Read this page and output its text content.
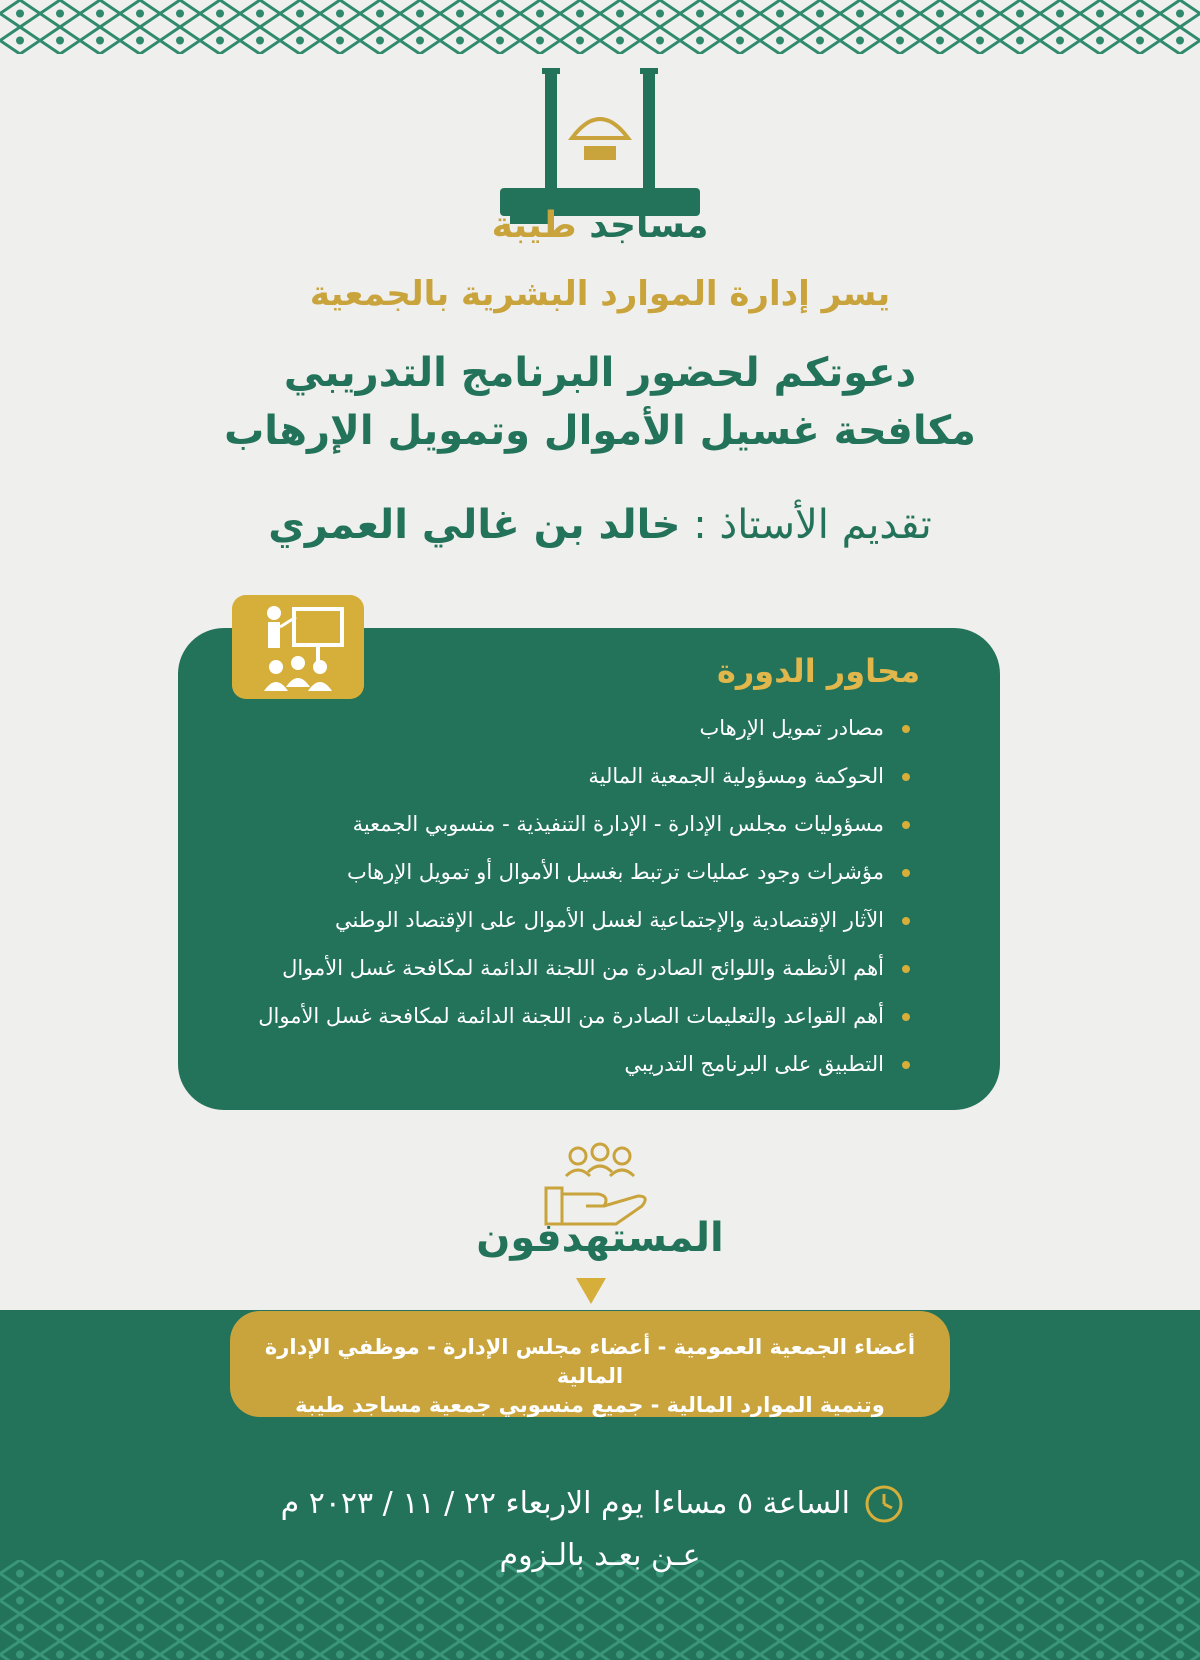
مساجد طيبة
يسر إدارة الموارد البشرية بالجمعية
دعوتكم لحضور البرنامج التدريبي
مكافحة غسيل الأموال وتمويل الإرهاب
تقديم الأستاذ : خالد بن غالي العمري
محاور الدورة
مصادر تمويل الإرهاب
الحوكمة ومسؤولية الجمعية المالية
مسؤوليات مجلس الإدارة - الإدارة التنفيذية - منسوبي الجمعية
مؤشرات وجود عمليات ترتبط بغسيل الأموال أو تمويل الإرهاب
الآثار الإقتصادية والإجتماعية لغسل الأموال على الإقتصاد الوطني
أهم الأنظمة واللوائح الصادرة من اللجنة الدائمة لمكافحة غسل الأموال
أهم القواعد والتعليمات الصادرة من اللجنة الدائمة لمكافحة غسل الأموال
التطبيق على البرنامج التدريبي
المستهدفون
أعضاء الجمعية العمومية - أعضاء مجلس الإدارة - موظفي الإدارة المالية
وتنمية الموارد المالية - جميع منسوبي جمعية مساجد طيبة
الساعة ٥ مساءا يوم الاربعاء ٢٢ / ١١ / ٢٠٢٣ م
عـن بعـد بالـزوم
